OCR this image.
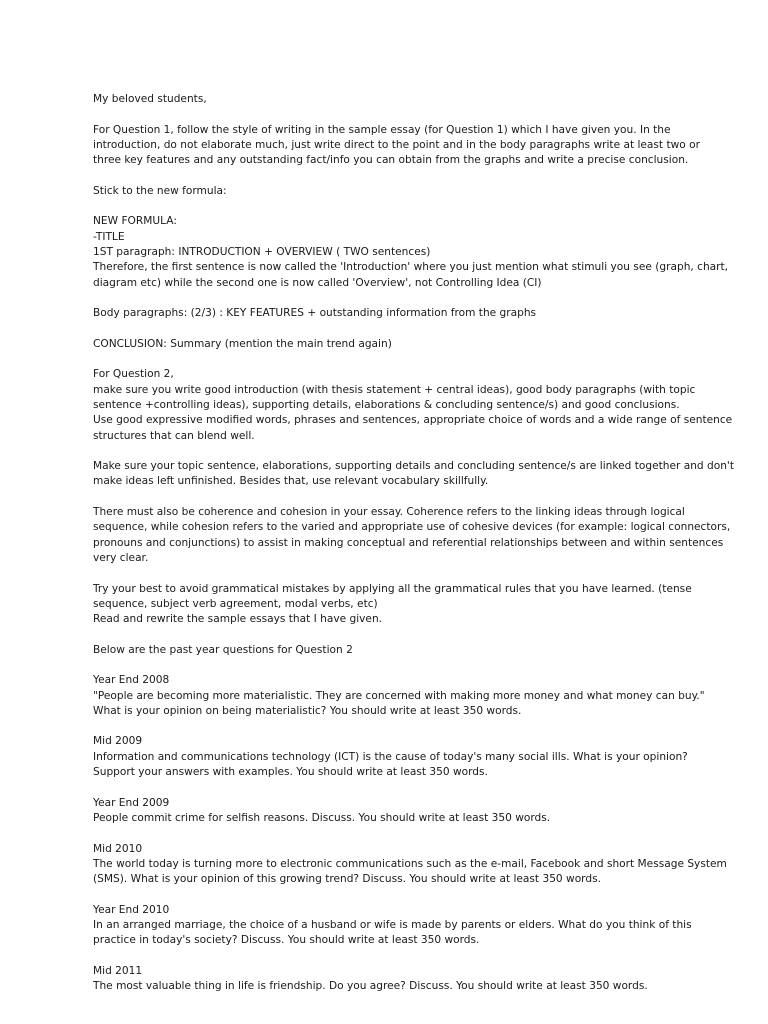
My beloved students,
For Question 1, follow the style of writing in the sample essay (for Question 1) which I have given you. In the
introduction, do not elaborate much, just write direct to the point and in the body paragraphs write at least two or
three key features and any outstanding fact/info you can obtain from the graphs and write a precise conclusion.
Stick to the new formula:
NEW FORMULA:
-TITLE
1ST paragraph: INTRODUCTION + OVERVIEW ( TWO sentences)
Therefore, the first sentence is now called the 'Introduction' where you just mention what stimuli you see (graph, chart,
diagram etc) while the second one is now called 'Overview', not Controlling Idea (CI)
Body paragraphs: (2/3) : KEY FEATURES + outstanding information from the graphs
CONCLUSION: Summary (mention the main trend again)
For Question 2,
make sure you write good introduction (with thesis statement + central ideas), good body paragraphs (with topic
sentence +controlling ideas), supporting details, elaborations & concluding sentence/s) and good conclusions.
Use good expressive modified words, phrases and sentences, appropriate choice of words and a wide range of sentence
structures that can blend well.
Make sure your topic sentence, elaborations, supporting details and concluding sentence/s are linked together and don't
make ideas left unfinished. Besides that, use relevant vocabulary skillfully.
There must also be coherence and cohesion in your essay. Coherence refers to the linking ideas through logical
sequence, while cohesion refers to the varied and appropriate use of cohesive devices (for example: logical connectors,
pronouns and conjunctions) to assist in making conceptual and referential relationships between and within sentences
very clear.
Try your best to avoid grammatical mistakes by applying all the grammatical rules that you have learned. (tense
sequence, subject verb agreement, modal verbs, etc)
Read and rewrite the sample essays that I have given.
Below are the past year questions for Question 2
Year End 2008
"People are becoming more materialistic. They are concerned with making more money and what money can buy."
What is your opinion on being materialistic? You should write at least 350 words.
Mid 2009
Information and communications technology (ICT) is the cause of today's many social ills. What is your opinion?
Support your answers with examples. You should write at least 350 words.
Year End 2009
People commit crime for selfish reasons. Discuss. You should write at least 350 words.
Mid 2010
The world today is turning more to electronic communications such as the e-mail, Facebook and short Message System
(SMS). What is your opinion of this growing trend? Discuss. You should write at least 350 words.
Year End 2010
In an arranged marriage, the choice of a husband or wife is made by parents or elders. What do you think of this
practice in today's society? Discuss. You should write at least 350 words.
Mid 2011
The most valuable thing in life is friendship. Do you agree? Discuss. You should write at least 350 words.
